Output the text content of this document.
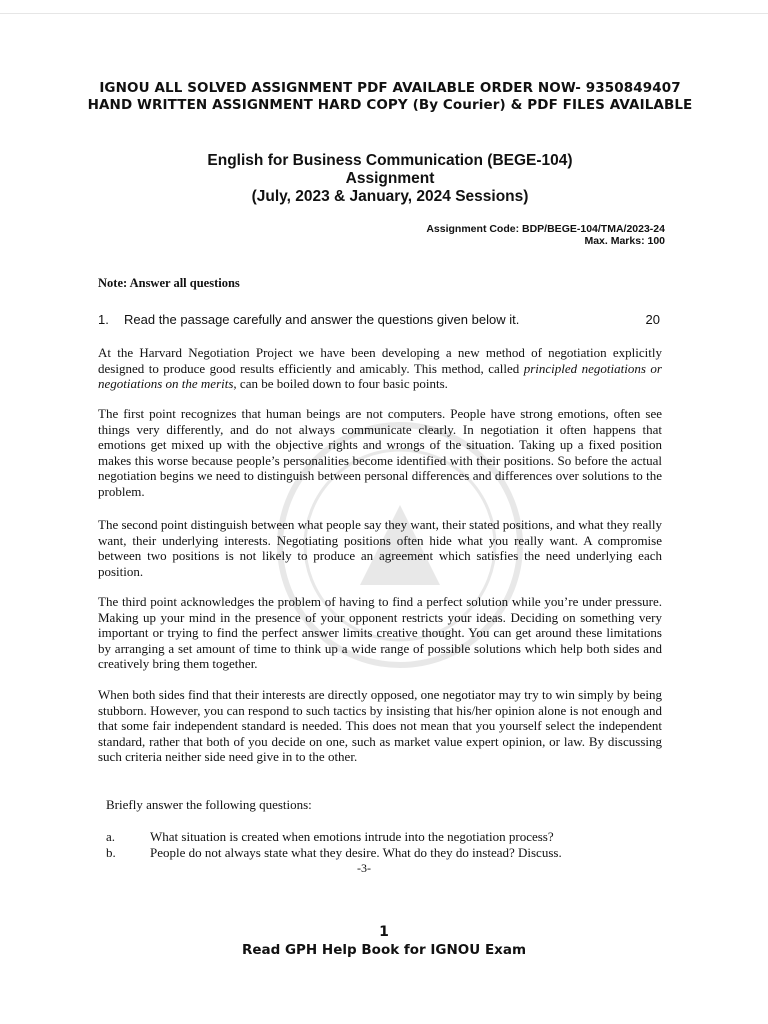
IGNOU ALL SOLVED ASSIGNMENT PDF AVAILABLE ORDER NOW- 9350849407
HAND WRITTEN ASSIGNMENT HARD COPY (By Courier) & PDF FILES AVAILABLE
English for Business Communication (BEGE-104)
Assignment
(July, 2023 & January, 2024 Sessions)
Assignment Code: BDP/BEGE-104/TMA/2023-24
Max. Marks: 100
Note: Answer all questions
1. Read the passage carefully and answer the questions given below it.	20

At the Harvard Negotiation Project we have been developing a new method of negotiation explicitly designed to produce good results efficiently and amicably. This method, called principled negotiations or negotiations on the merits, can be boiled down to four basic points.

The first point recognizes that human beings are not computers. People have strong emotions, often see things very differently, and do not always communicate clearly. In negotiation it often happens that emotions get mixed up with the objective rights and wrongs of the situation. Taking up a fixed position makes this worse because people’s personalities become identified with their positions. So before the actual negotiation begins we need to distinguish between personal differences and differences over solutions to the problem.

The second point distinguish between what people say they want, their stated positions, and what they really want, their underlying interests. Negotiating positions often hide what you really want. A compromise between two positions is not likely to produce an agreement which satisfies the need underlying each position.

The third point acknowledges the problem of having to find a perfect solution while you’re under pressure. Making up your mind in the presence of your opponent restricts your ideas. Deciding on something very important or trying to find the perfect answer limits creative thought. You can get around these limitations by arranging a set amount of time to think up a wide range of possible solutions which help both sides and creatively bring them together.

When both sides find that their interests are directly opposed, one negotiator may try to win simply by being stubborn. However, you can respond to such tactics by insisting that his/her opinion alone is not enough and that some fair independent standard is needed. This does not mean that you yourself select the independent standard, rather that both of you decide on one, such as market value expert opinion, or law. By discussing such criteria neither side need give in to the other.

Briefly answer the following questions:
a.	What situation is created when emotions intrude into the negotiation process?
b.	People do not always state what they desire. What do they do instead? Discuss.
-3-
1
Read GPH Help Book for IGNOU Exam
